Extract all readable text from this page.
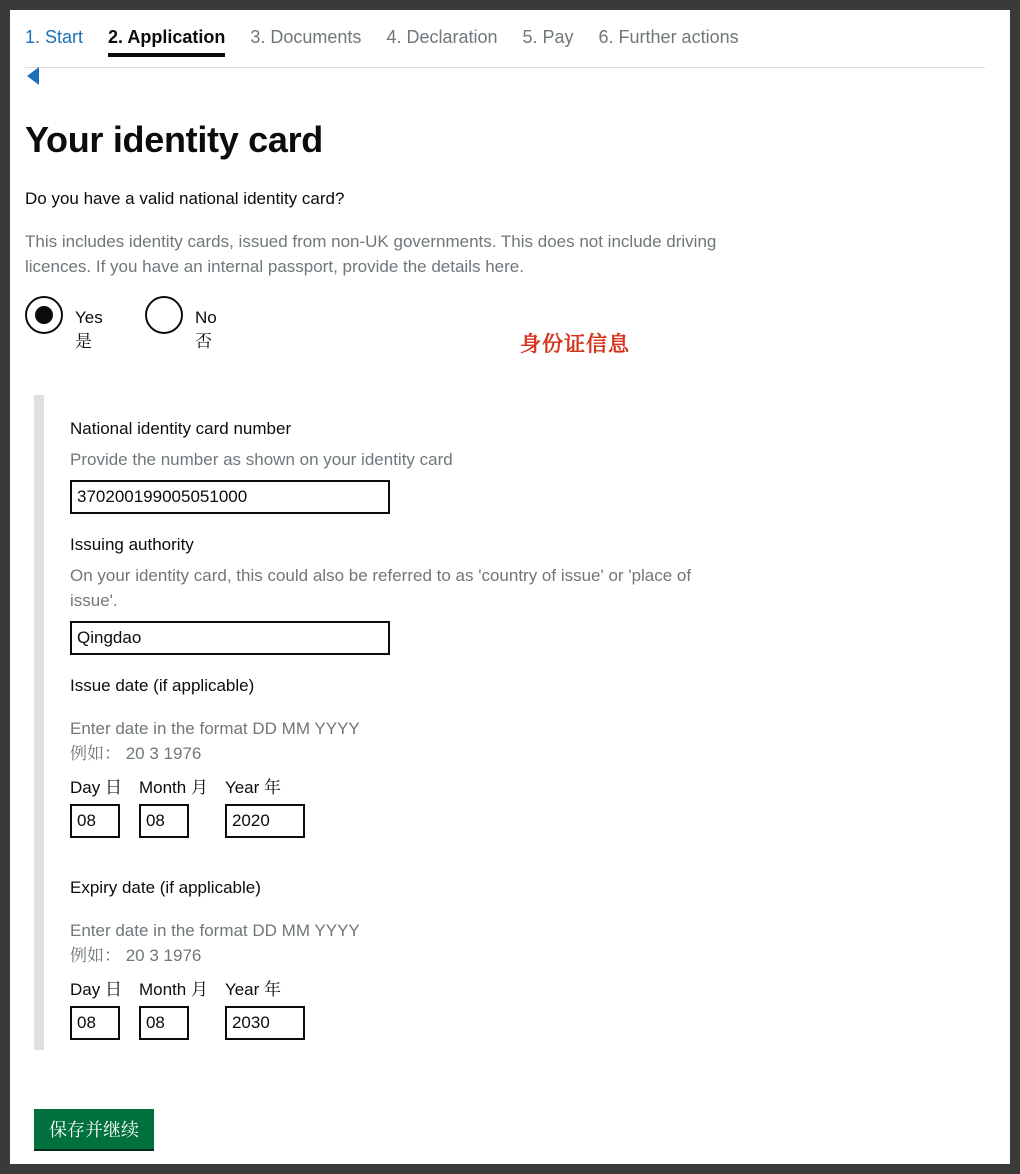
1. Start 2. Application 3. Documents 4. Declaration 5. Pay 6. Further actions
Your identity card
Do you have a valid national identity card?
This includes identity cards, issued from non-UK governments. This does not include driving licences. If you have an internal passport, provide the details here.
Yes
是
No
否	身份证信息
National identity card number
Provide the number as shown on your identity card
370200199005051000
Issuing authority
On your identity card, this could also be referred to as 'country of issue' or 'place of issue'.
Qingdao
Issue date (if applicable)
Enter date in the format DD MM YYYY
例如： 20 3 1976
Day 日
08 Month 月
08 Year 年
2020
Expiry date (if applicable)
Enter date in the format DD MM YYYY
例如： 20 3 1976
Day 日
08 Month 月
08 Year 年
2030
保存并继续
